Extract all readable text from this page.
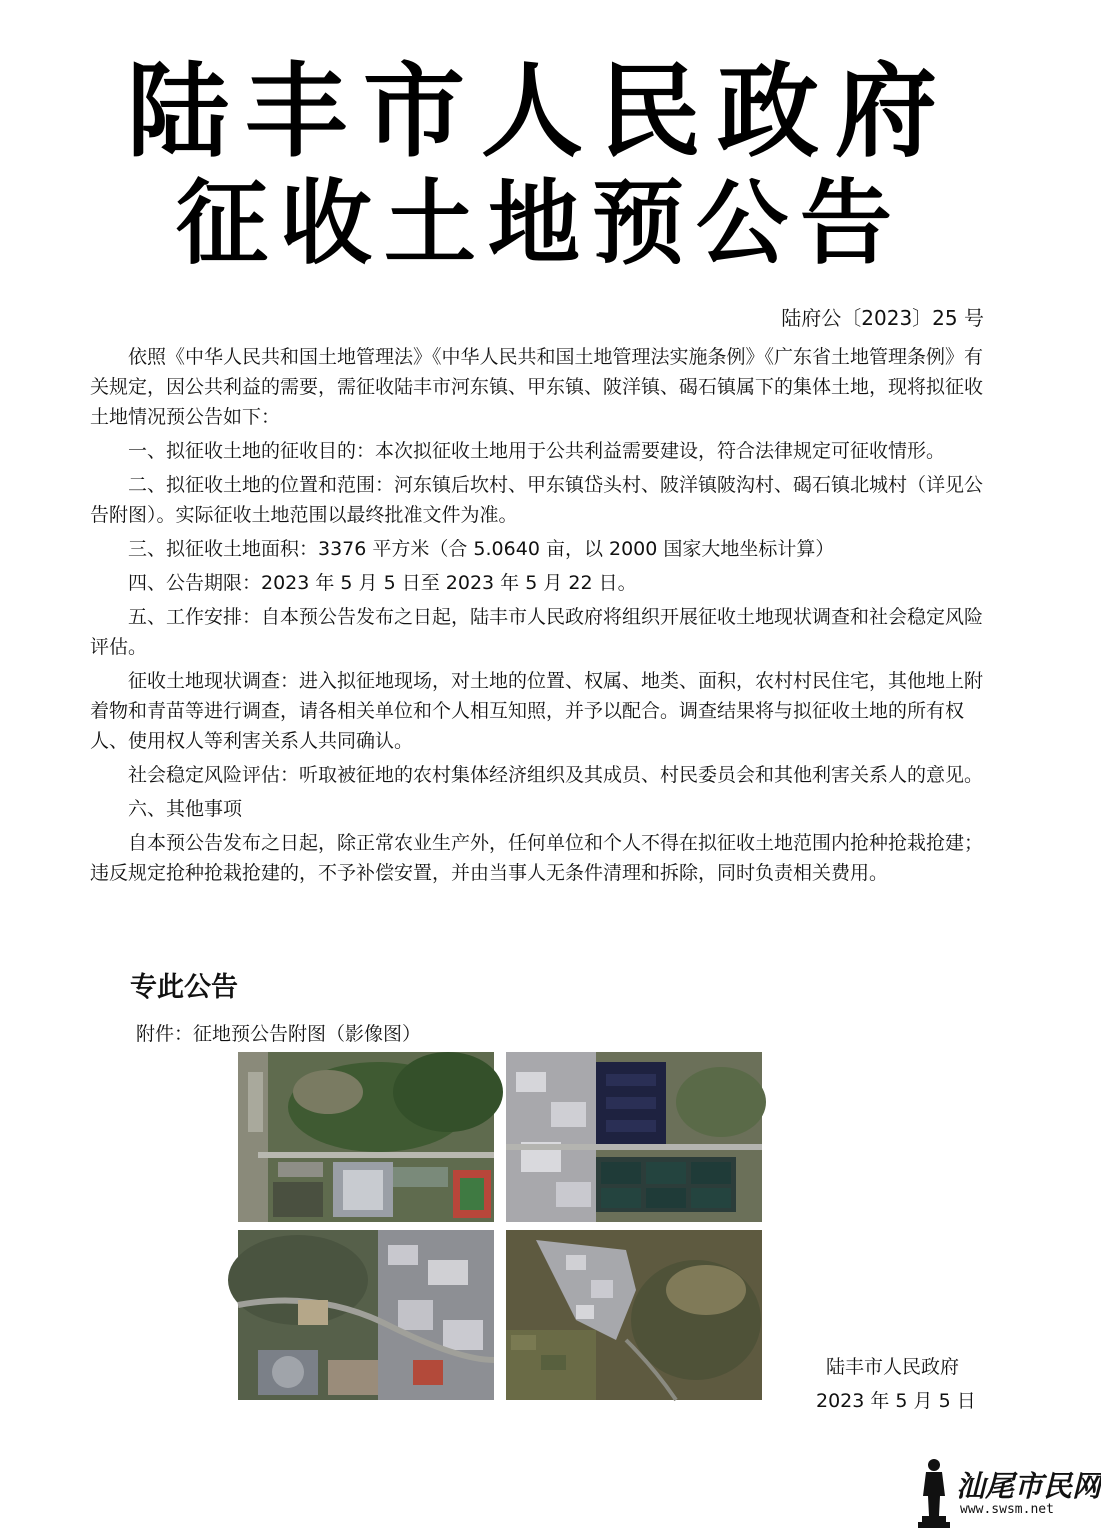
陆丰市人民政府
征收土地预公告
陆府公〔2023〕25 号

依照《中华人民共和国土地管理法》《中华人民共和国土地管理法实施条例》《广东省土地管理条例》有关规定，因公共利益的需要，需征收陆丰市河东镇、甲东镇、陂洋镇、碣石镇属下的集体土地，现将拟征收土地情况预公告如下：

一、拟征收土地的征收目的：本次拟征收土地用于公共利益需要建设，符合法律规定可征收情形。

二、拟征收土地的位置和范围：河东镇后坎村、甲东镇岱头村、陂洋镇陂沟村、碣石镇北城村（详见公告附图）。实际征收土地范围以最终批准文件为准。

三、拟征收土地面积：3376 平方米（合 5.0640 亩，以 2000 国家大地坐标计算）

四、公告期限：2023 年 5 月 5 日至 2023 年 5 月 22 日。

五、工作安排：自本预公告发布之日起，陆丰市人民政府将组织开展征收土地现状调查和社会稳定风险评估。

征收土地现状调查：进入拟征地现场，对土地的位置、权属、地类、面积，农村村民住宅，其他地上附着物和青苗等进行调查，请各相关单位和个人相互知照，并予以配合。调查结果将与拟征收土地的所有权人、使用权人等利害关系人共同确认。

社会稳定风险评估：听取被征地的农村集体经济组织及其成员、村民委员会和其他利害关系人的意见。

六、其他事项

自本预公告发布之日起，除正常农业生产外，任何单位和个人不得在拟征收土地范围内抢种抢栽抢建；违反规定抢种抢栽抢建的，不予补偿安置，并由当事人无条件清理和拆除，同时负责相关费用。

专此公告
附件：征地预公告附图（影像图）
陆丰市人民政府
2023 年 5 月 5 日
汕尾市民网
www.swsm.net
